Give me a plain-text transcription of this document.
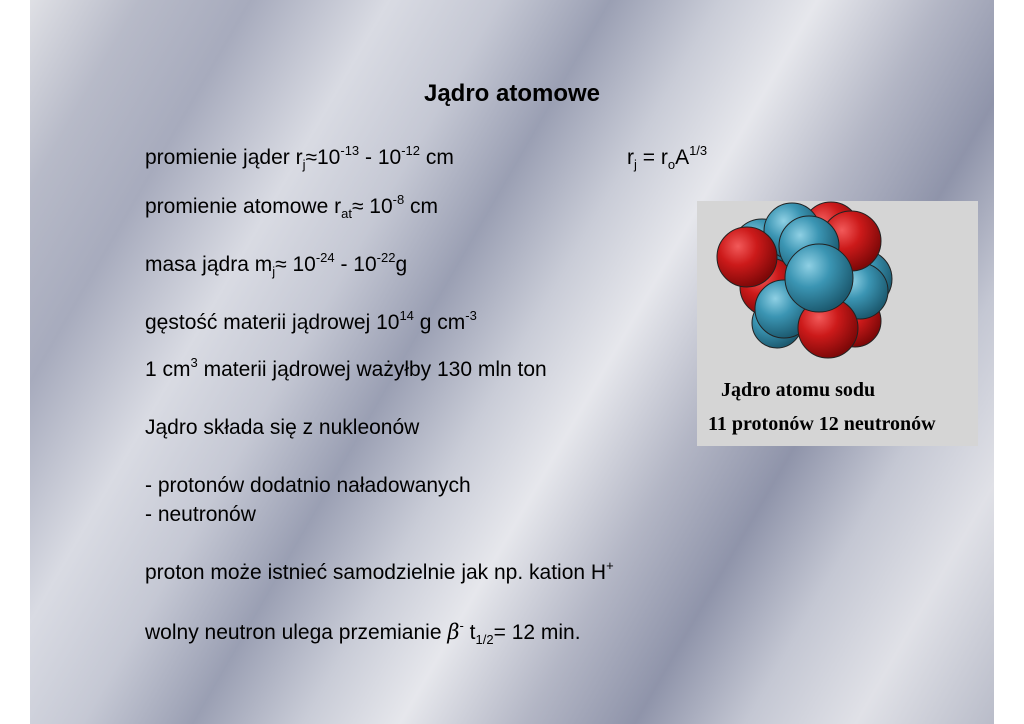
Jądro atomowe
promienie jąder $r_j\approx 10^{-13} - 10^{-12}$ cm	$r_j = r_oA^{1/3}$
promienie atomowe $r_{at}\approx 10^{-8}$ cm
masa jądra $m_j\approx 10^{-24} - 10^{-22}g$
gęstość materii jądrowej $10^{14}$ g $cm^{-3}$
1 $cm^3$ materii jądrowej ważyłby 130 mln ton
Jądro składa się z nukleonów
- protonów dodatnio naładowanych
- neutronów
proton może istnieć samodzielnie jak np. kation H+
wolny neutron ulega przemianie β- $t_{1/2}= 12$ min.
Jądro atomu sodu
11 protonów 12 neutronów
